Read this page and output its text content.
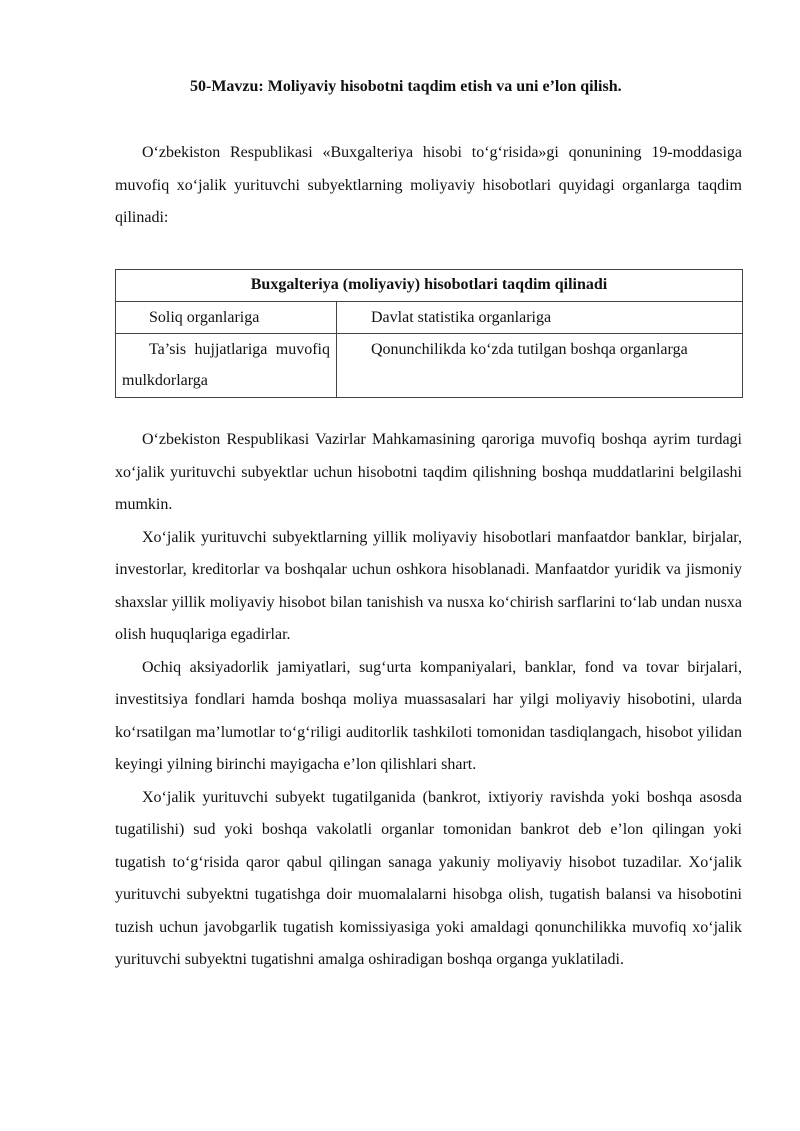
50-Mavzu: Moliyaviy hisobotni taqdim etish va uni e’lon qilish.

O‘zbekiston Respublikasi «Buxgalteriya hisobi to‘g‘risida»gi qonunining 19-moddasiga muvofiq xo‘jalik yurituvchi subyektlarning moliyaviy hisobotlari quyidagi organlarga taqdim qilinadi:

Buxgalteriya (moliyaviy) hisobotlari taqdim qilinadi	

Soliq organlariga	Davlat statistika organlariga

Ta’sis hujjatlariga muvofiq mulkdorlarga	Qonunchilikda ko‘zda tutilgan boshqa organlarga

O‘zbekiston Respublikasi Vazirlar Mahkamasining qaroriga muvofiq boshqa ayrim turdagi xo‘jalik yurituvchi subyektlar uchun hisobotni taqdim qilishning boshqa muddatlarini belgilashi mumkin.

Xo‘jalik yurituvchi subyektlarning yillik moliyaviy hisobotlari manfaatdor banklar, birjalar, investorlar, kreditorlar va boshqalar uchun oshkora hisoblanadi. Manfaatdor yuridik va jismoniy shaxslar yillik moliyaviy hisobot bilan tanishish va nusxa ko‘chirish sarflarini to‘lab undan nusxa olish huquqlariga egadirlar.

Ochiq aksiyadorlik jamiyatlari, sug‘urta kompaniyalari, banklar, fond va tovar birjalari, investitsiya fondlari hamda boshqa moliya muassasalari har yilgi moliyaviy hisobotini, ularda ko‘rsatilgan ma’lumotlar to‘g‘riligi auditorlik tashkiloti tomonidan tasdiqlangach, hisobot yilidan keyingi yilning birinchi mayigacha e’lon qilishlari shart.

Xo‘jalik yurituvchi subyekt tugatilganida (bankrot, ixtiyoriy ravishda yoki boshqa asosda tugatilishi) sud yoki boshqa vakolatli organlar tomonidan bankrot deb e’lon qilingan yoki tugatish to‘g‘risida qaror qabul qilingan sanaga yakuniy moliyaviy hisobot tuzadilar. Xo‘jalik yurituvchi subyektni tugatishga doir muomalalarni hisobga olish, tugatish balansi va hisobotini tuzish uchun javobgarlik tugatish komissiyasiga yoki amaldagi qonunchilikka muvofiq xo‘jalik yurituvchi subyektni tugatishni amalga oshiradigan boshqa organga yuklatiladi.
